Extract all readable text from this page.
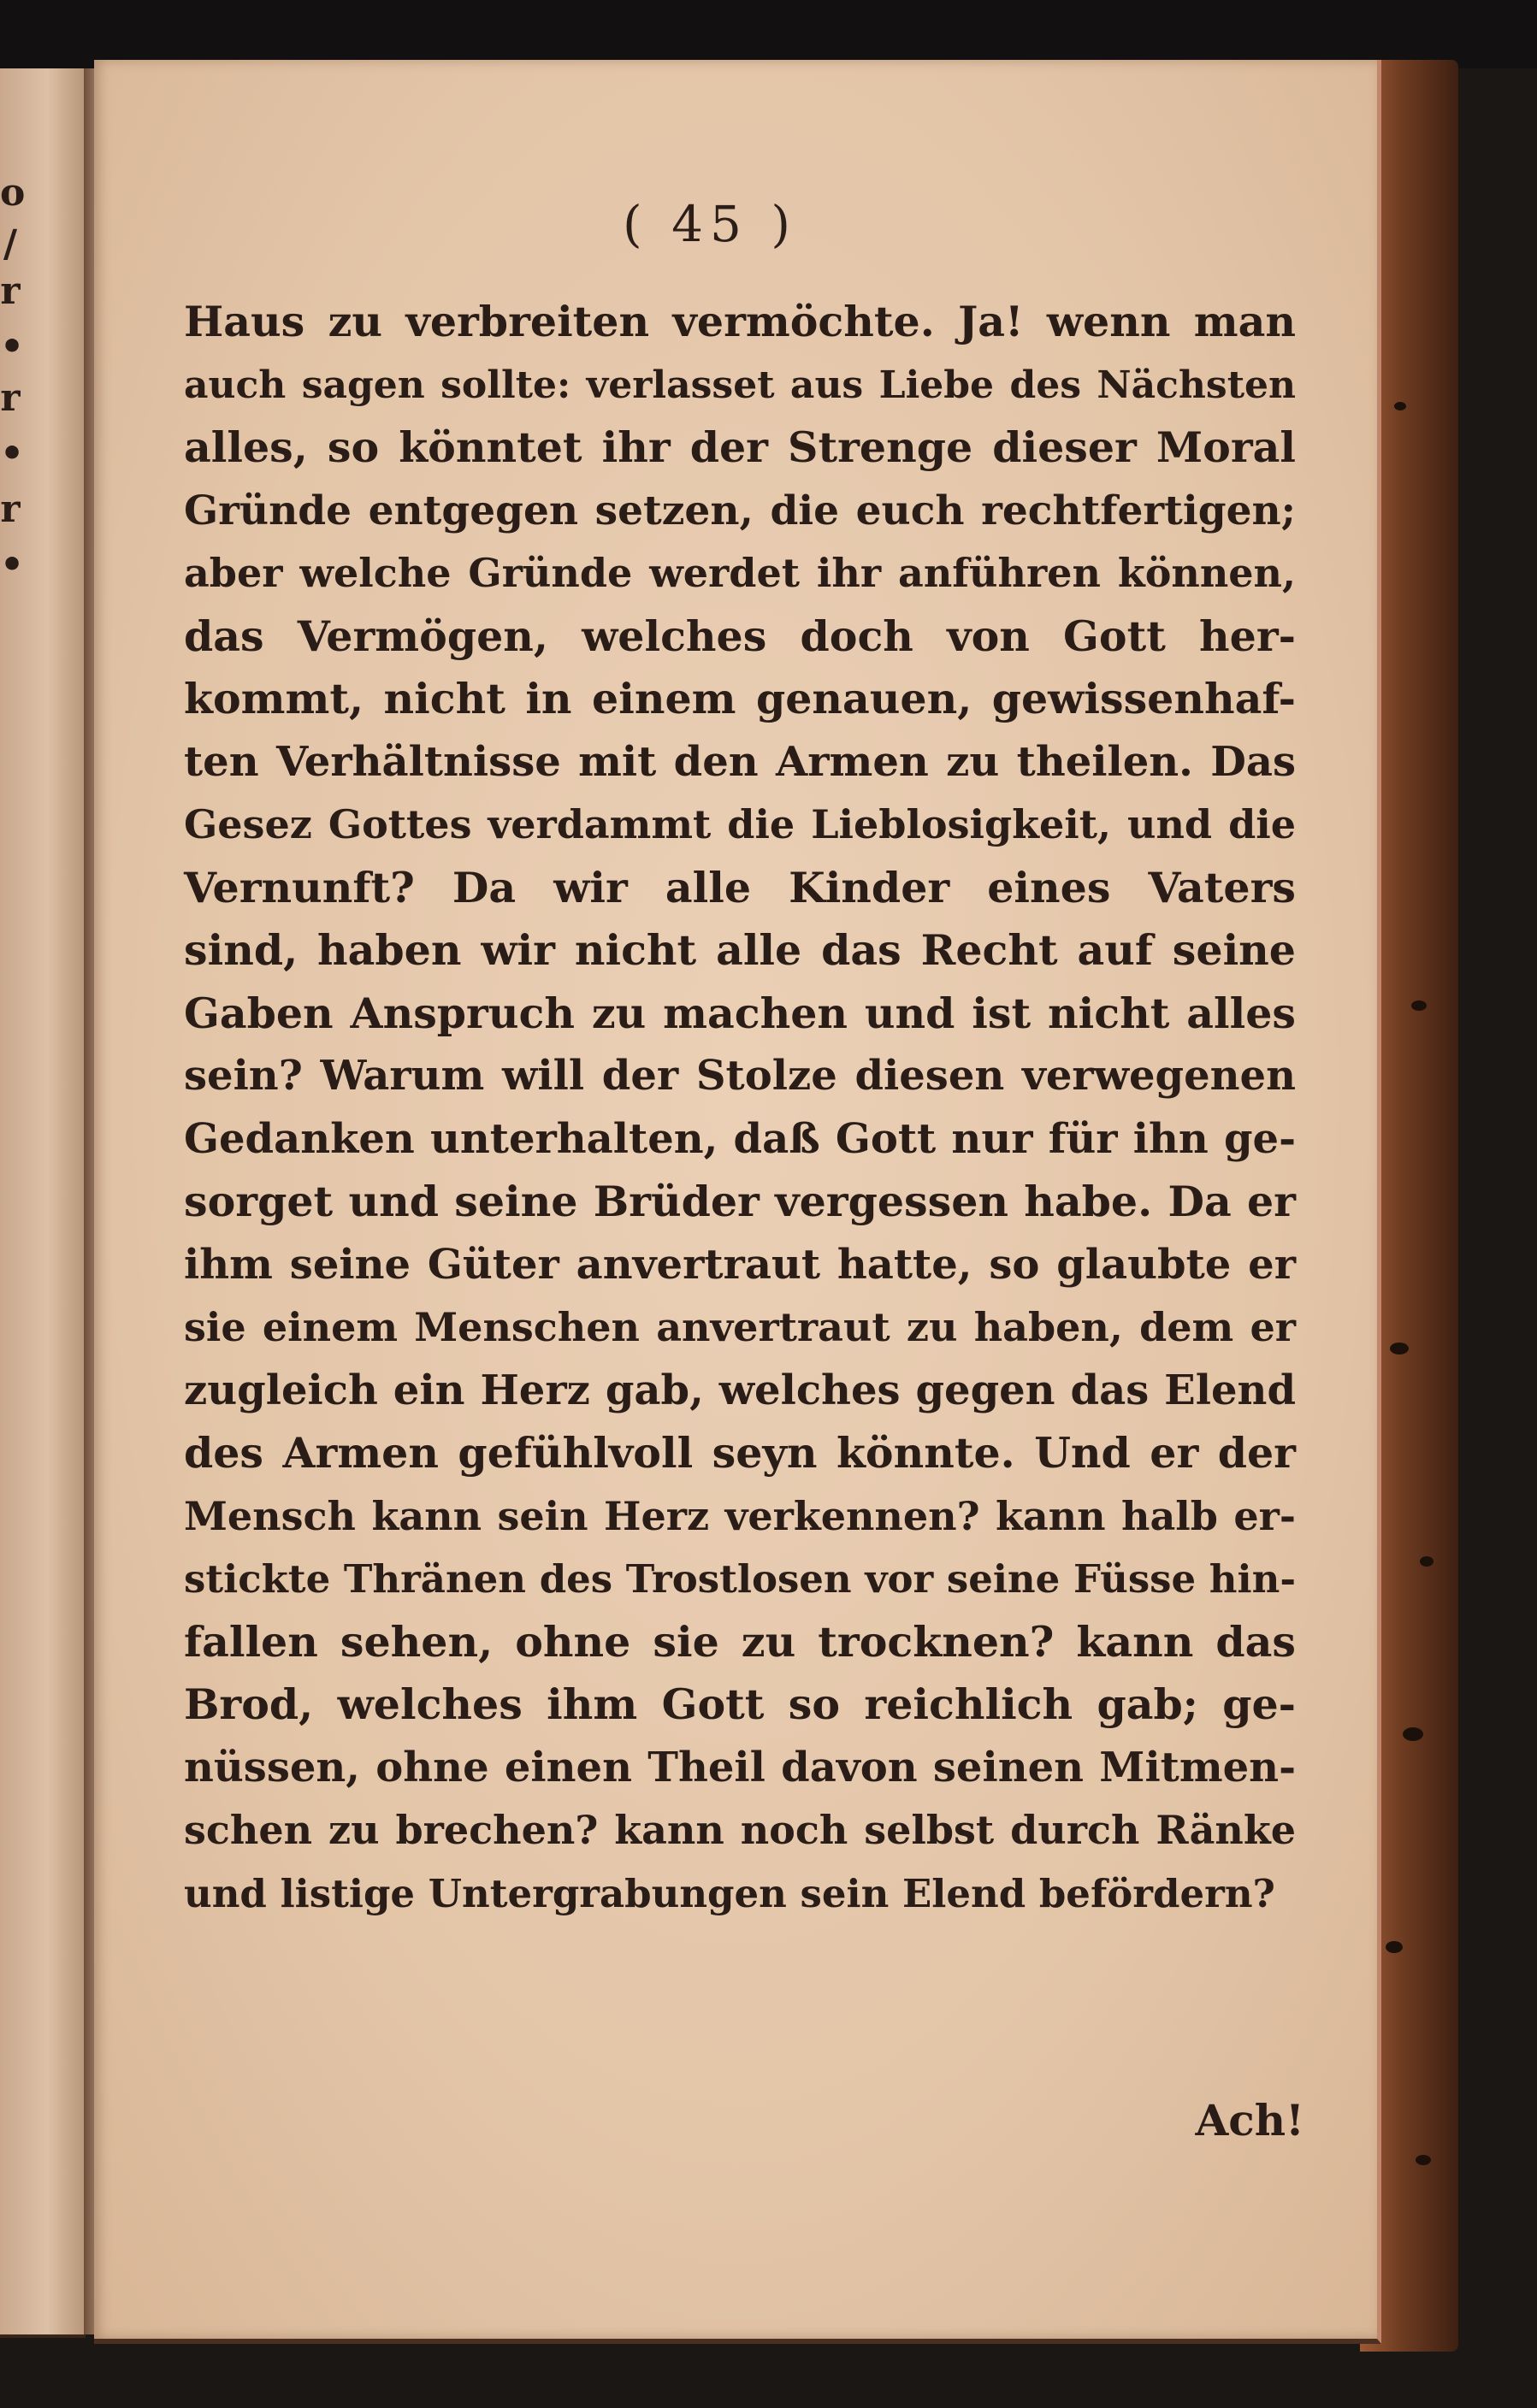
o
/
r
•
r
•
r
•
( 45 )
Haus zu verbreiten vermöchte. Ja! wenn man
auch sagen sollte: verlasset aus Liebe des Nächsten
alles, so könntet ihr der Strenge dieser Moral
Gründe entgegen setzen, die euch rechtfertigen;
aber welche Gründe werdet ihr anführen können,
das Vermögen, welches doch von Gott her-
kommt, nicht in einem genauen, gewissenhaf-
ten Verhältnisse mit den Armen zu theilen. Das
Gesez Gottes verdammt die Lieblosigkeit, und die
Vernunft? Da wir alle Kinder eines Vaters
sind, haben wir nicht alle das Recht auf seine
Gaben Anspruch zu machen und ist nicht alles
sein? Warum will der Stolze diesen verwegenen
Gedanken unterhalten, daß Gott nur für ihn ge-
sorget und seine Brüder vergessen habe. Da er
ihm seine Güter anvertraut hatte, so glaubte er
sie einem Menschen anvertraut zu haben, dem er
zugleich ein Herz gab, welches gegen das Elend
des Armen gefühlvoll seyn könnte. Und er der
Mensch kann sein Herz verkennen? kann halb er-
stickte Thränen des Trostlosen vor seine Füsse hin-
fallen sehen, ohne sie zu trocknen? kann das
Brod, welches ihm Gott so reichlich gab; ge-
nüssen, ohne einen Theil davon seinen Mitmen-
schen zu brechen? kann noch selbst durch Ränke
und listige Untergrabungen sein Elend befördern?
Ach!
